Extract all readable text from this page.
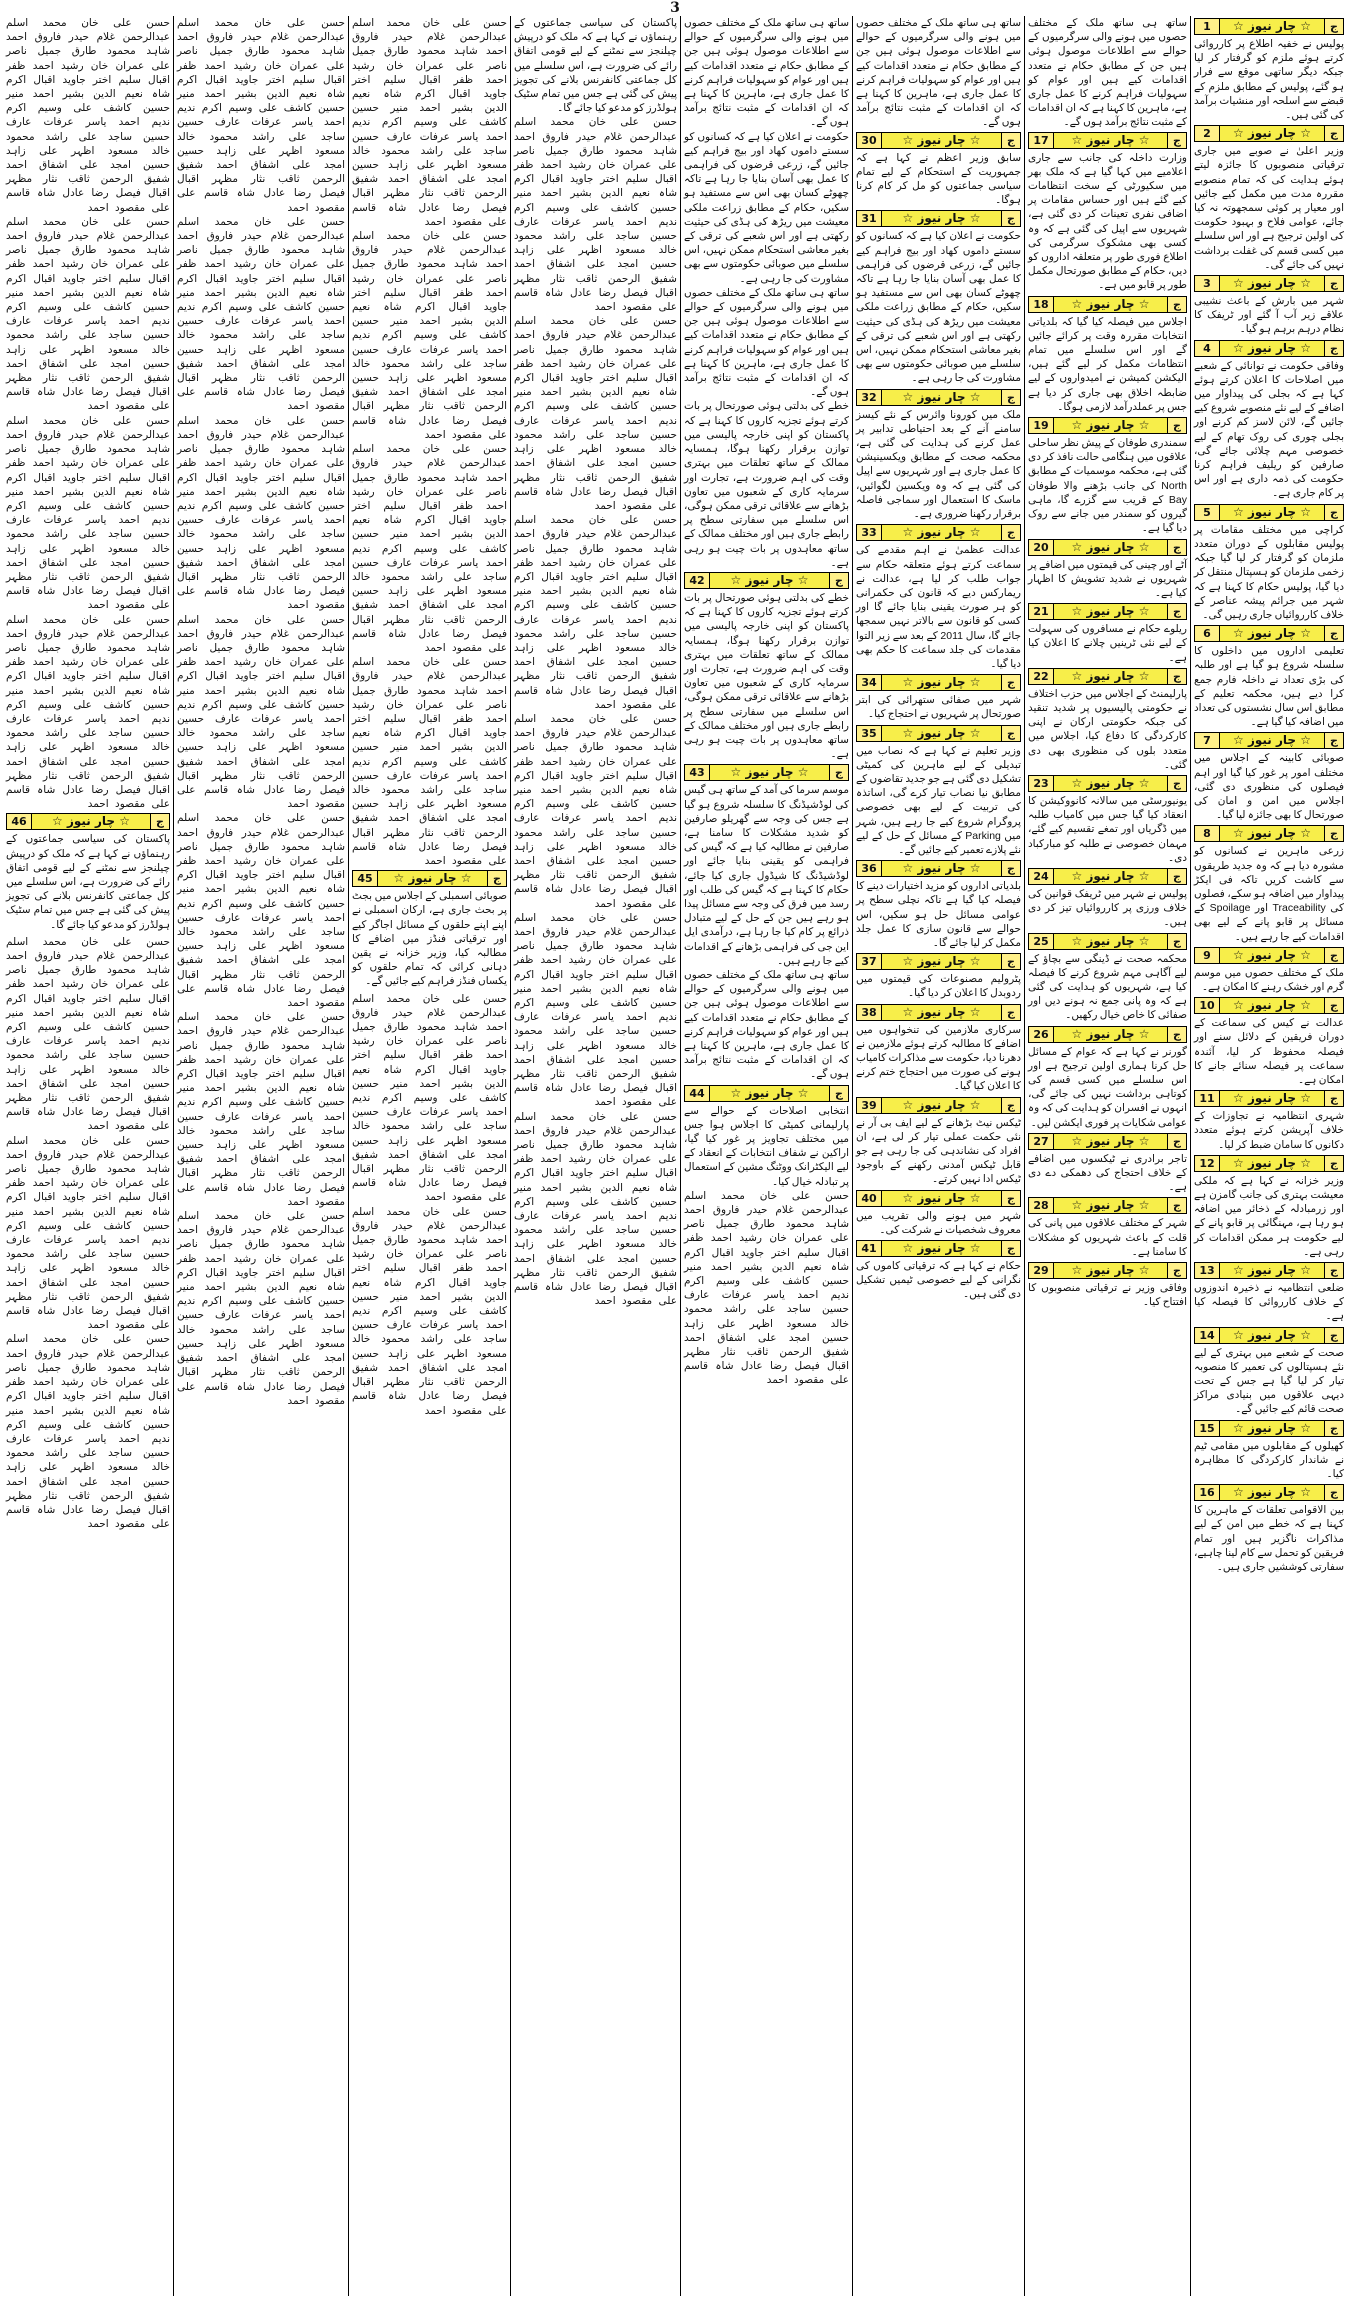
3
1	☆ چار نیوز ☆	ج
پولیس نے خفیہ اطلاع پر کارروائی کرتے ہوئے ملزم کو گرفتار کر لیا جبکہ دیگر ساتھی موقع سے فرار ہو گئے، پولیس کے مطابق ملزم کے قبضے سے اسلحہ اور منشیات برآمد کی گئی ہیں۔
2	☆ چار نیوز ☆	ج
وزیر اعلیٰ نے صوبے میں جاری ترقیاتی منصوبوں کا جائزہ لیتے ہوئے ہدایت کی کہ تمام منصوبے مقررہ مدت میں مکمل کیے جائیں اور معیار پر کوئی سمجھوتہ نہ کیا جائے، عوامی فلاح و بہبود حکومت کی اولین ترجیح ہے اور اس سلسلے میں کسی قسم کی غفلت برداشت نہیں کی جائے گی۔
3	☆ چار نیوز ☆	ج
شہر میں بارش کے باعث نشیبی علاقے زیر آب آ گئے اور ٹریفک کا نظام درہم برہم ہو گیا۔
4	☆ چار نیوز ☆	ج
وفاقی حکومت نے توانائی کے شعبے میں اصلاحات کا اعلان کرتے ہوئے کہا ہے کہ بجلی کی پیداوار میں اضافے کے لیے نئے منصوبے شروع کیے جائیں گے، لائن لاسز کم کرنے اور بجلی چوری کی روک تھام کے لیے خصوصی مہم چلائی جائے گی، صارفین کو ریلیف فراہم کرنا حکومت کی ذمہ داری ہے اور اس پر کام جاری ہے۔
5	☆ چار نیوز ☆	ج
کراچی میں مختلف مقامات پر پولیس مقابلوں کے دوران متعدد ملزمان کو گرفتار کر لیا گیا جبکہ زخمی ملزمان کو ہسپتال منتقل کر دیا گیا، پولیس حکام کا کہنا ہے کہ شہر میں جرائم پیشہ عناصر کے خلاف کارروائیاں جاری رہیں گی۔
6	☆ چار نیوز ☆	ج
تعلیمی اداروں میں داخلوں کا سلسلہ شروع ہو گیا ہے اور طلبہ کی بڑی تعداد نے داخلہ فارم جمع کرا دیے ہیں، محکمہ تعلیم کے مطابق اس سال نشستوں کی تعداد میں اضافہ کیا گیا ہے۔
7	☆ چار نیوز ☆	ج
صوبائی کابینہ کے اجلاس میں مختلف امور پر غور کیا گیا اور اہم فیصلوں کی منظوری دی گئی، اجلاس میں امن و امان کی صورتحال کا بھی جائزہ لیا گیا۔
8	☆ چار نیوز ☆	ج
زرعی ماہرین نے کسانوں کو مشورہ دیا ہے کہ وہ جدید طریقوں سے کاشت کریں تاکہ فی ایکڑ پیداوار میں اضافہ ہو سکے، فصلوں کی Traceability اور Spoilage کے مسائل پر قابو پانے کے لیے بھی اقدامات کیے جا رہے ہیں۔
9	☆ چار نیوز ☆	ج
ملک کے مختلف حصوں میں موسم گرم اور خشک رہنے کا امکان ہے۔
10	☆ چار نیوز ☆	ج
عدالت نے کیس کی سماعت کے دوران فریقین کے دلائل سنے اور فیصلہ محفوظ کر لیا، آئندہ سماعت پر فیصلہ سنائے جانے کا امکان ہے۔
11	☆ چار نیوز ☆	ج
شہری انتظامیہ نے تجاوزات کے خلاف آپریشن کرتے ہوئے متعدد دکانوں کا سامان ضبط کر لیا۔
12	☆ چار نیوز ☆	ج
وزیر خزانہ نے کہا ہے کہ ملکی معیشت بہتری کی جانب گامزن ہے اور زرمبادلہ کے ذخائر میں اضافہ ہو رہا ہے، مہنگائی پر قابو پانے کے لیے حکومت ہر ممکن اقدامات کر رہی ہے۔
13	☆ چار نیوز ☆	ج
ضلعی انتظامیہ نے ذخیرہ اندوزوں کے خلاف کارروائی کا فیصلہ کیا ہے۔
14	☆ چار نیوز ☆	ج
صحت کے شعبے میں بہتری کے لیے نئے ہسپتالوں کی تعمیر کا منصوبہ تیار کر لیا گیا ہے جس کے تحت دیہی علاقوں میں بنیادی مراکز صحت قائم کیے جائیں گے۔
15	☆ چار نیوز ☆	ج
کھیلوں کے مقابلوں میں مقامی ٹیم نے شاندار کارکردگی کا مظاہرہ کیا۔
16	☆ چار نیوز ☆	ج
بین الاقوامی تعلقات کے ماہرین کا کہنا ہے کہ خطے میں امن کے لیے مذاکرات ناگزیر ہیں اور تمام فریقین کو تحمل سے کام لینا چاہیے، سفارتی کوششیں جاری ہیں۔
ساتھ ہی ساتھ ملک کے مختلف حصوں میں ہونے والی سرگرمیوں کے حوالے سے اطلاعات موصول ہوئی ہیں جن کے مطابق حکام نے متعدد اقدامات کیے ہیں اور عوام کو سہولیات فراہم کرنے کا عمل جاری ہے، ماہرین کا کہنا ہے کہ ان اقدامات کے مثبت نتائج برآمد ہوں گے۔
17	☆ چار نیوز ☆	ج
وزارت داخلہ کی جانب سے جاری اعلامیے میں کہا گیا ہے کہ ملک بھر میں سکیورٹی کے سخت انتظامات کیے گئے ہیں اور حساس مقامات پر اضافی نفری تعینات کر دی گئی ہے، شہریوں سے اپیل کی گئی ہے کہ وہ کسی بھی مشکوک سرگرمی کی اطلاع فوری طور پر متعلقہ اداروں کو دیں، حکام کے مطابق صورتحال مکمل طور پر قابو میں ہے۔
18	☆ چار نیوز ☆	ج
اجلاس میں فیصلہ کیا گیا کہ بلدیاتی انتخابات مقررہ وقت پر کرائے جائیں گے اور اس سلسلے میں تمام انتظامات مکمل کر لیے گئے ہیں، الیکشن کمیشن نے امیدواروں کے لیے ضابطہ اخلاق بھی جاری کر دیا ہے جس پر عملدرآمد لازمی ہوگا۔
19	☆ چار نیوز ☆	ج
سمندری طوفان کے پیش نظر ساحلی علاقوں میں ہنگامی حالت نافذ کر دی گئی ہے، محکمہ موسمیات کے مطابق North کی جانب بڑھنے والا طوفان Bay کے قریب سے گزرے گا، ماہی گیروں کو سمندر میں جانے سے روک دیا گیا ہے۔
20	☆ چار نیوز ☆	ج
آٹے اور چینی کی قیمتوں میں اضافے پر شہریوں نے شدید تشویش کا اظہار کیا ہے۔
21	☆ چار نیوز ☆	ج
ریلوے حکام نے مسافروں کی سہولت کے لیے نئی ٹرینیں چلانے کا اعلان کیا ہے۔
22	☆ چار نیوز ☆	ج
پارلیمنٹ کے اجلاس میں حزب اختلاف نے حکومتی پالیسیوں پر شدید تنقید کی جبکہ حکومتی ارکان نے اپنی کارکردگی کا دفاع کیا، اجلاس میں متعدد بلوں کی منظوری بھی دی گئی۔
23	☆ چار نیوز ☆	ج
یونیورسٹی میں سالانہ کانووکیشن کا انعقاد کیا گیا جس میں کامیاب طلبہ میں ڈگریاں اور تمغے تقسیم کیے گئے، مہمان خصوصی نے طلبہ کو مبارکباد دی۔
24	☆ چار نیوز ☆	ج
پولیس نے شہر میں ٹریفک قوانین کی خلاف ورزی پر کارروائیاں تیز کر دی ہیں۔
25	☆ چار نیوز ☆	ج
محکمہ صحت نے ڈینگی سے بچاؤ کے لیے آگاہی مہم شروع کرنے کا فیصلہ کیا ہے، شہریوں کو ہدایت کی گئی ہے کہ وہ پانی جمع نہ ہونے دیں اور صفائی کا خاص خیال رکھیں۔
26	☆ چار نیوز ☆	ج
گورنر نے کہا ہے کہ عوام کے مسائل حل کرنا ہماری اولین ترجیح ہے اور اس سلسلے میں کسی قسم کی کوتاہی برداشت نہیں کی جائے گی، انہوں نے افسران کو ہدایت کی کہ وہ عوامی شکایات پر فوری ایکشن لیں۔
27	☆ چار نیوز ☆	ج
تاجر برادری نے ٹیکسوں میں اضافے کے خلاف احتجاج کی دھمکی دے دی ہے۔
28	☆ چار نیوز ☆	ج
شہر کے مختلف علاقوں میں پانی کی قلت کے باعث شہریوں کو مشکلات کا سامنا ہے۔
29	☆ چار نیوز ☆	ج
وفاقی وزیر نے ترقیاتی منصوبوں کا افتتاح کیا۔
ساتھ ہی ساتھ ملک کے مختلف حصوں میں ہونے والی سرگرمیوں کے حوالے سے اطلاعات موصول ہوئی ہیں جن کے مطابق حکام نے متعدد اقدامات کیے ہیں اور عوام کو سہولیات فراہم کرنے کا عمل جاری ہے، ماہرین کا کہنا ہے کہ ان اقدامات کے مثبت نتائج برآمد ہوں گے۔
30	☆ چار نیوز ☆	ج
سابق وزیر اعظم نے کہا ہے کہ جمہوریت کے استحکام کے لیے تمام سیاسی جماعتوں کو مل کر کام کرنا ہوگا۔
31	☆ چار نیوز ☆	ج
حکومت نے اعلان کیا ہے کہ کسانوں کو سستے داموں کھاد اور بیج فراہم کیے جائیں گے، زرعی قرضوں کی فراہمی کا عمل بھی آسان بنایا جا رہا ہے تاکہ چھوٹے کسان بھی اس سے مستفید ہو سکیں، حکام کے مطابق زراعت ملکی معیشت میں ریڑھ کی ہڈی کی حیثیت رکھتی ہے اور اس شعبے کی ترقی کے بغیر معاشی استحکام ممکن نہیں، اس سلسلے میں صوبائی حکومتوں سے بھی مشاورت کی جا رہی ہے۔
32	☆ چار نیوز ☆	ج
ملک میں کورونا وائرس کے نئے کیسز سامنے آنے کے بعد احتیاطی تدابیر پر عمل کرنے کی ہدایت کی گئی ہے، محکمہ صحت کے مطابق ویکسینیشن کا عمل جاری ہے اور شہریوں سے اپیل کی گئی ہے کہ وہ ویکسین لگوائیں، ماسک کا استعمال اور سماجی فاصلہ برقرار رکھنا ضروری ہے۔
33	☆ چار نیوز ☆	ج
عدالت عظمیٰ نے اہم مقدمے کی سماعت کرتے ہوئے متعلقہ حکام سے جواب طلب کر لیا ہے، عدالت نے ریمارکس دیے کہ قانون کی حکمرانی کو ہر صورت یقینی بنایا جائے گا اور کسی کو قانون سے بالاتر نہیں سمجھا جائے گا، سال 2011 کے بعد سے زیر التوا مقدمات کی جلد سماعت کا حکم بھی دیا گیا۔
34	☆ چار نیوز ☆	ج
شہر میں صفائی ستھرائی کی ابتر صورتحال پر شہریوں نے احتجاج کیا۔
35	☆ چار نیوز ☆	ج
وزیر تعلیم نے کہا ہے کہ نصاب میں تبدیلی کے لیے ماہرین کی کمیٹی تشکیل دی گئی ہے جو جدید تقاضوں کے مطابق نیا نصاب تیار کرے گی، اساتذہ کی تربیت کے لیے بھی خصوصی پروگرام شروع کیے جا رہے ہیں، شہر میں Parking کے مسائل کے حل کے لیے نئے پلازے تعمیر کیے جائیں گے۔
36	☆ چار نیوز ☆	ج
بلدیاتی اداروں کو مزید اختیارات دینے کا فیصلہ کیا گیا ہے تاکہ نچلی سطح پر عوامی مسائل حل ہو سکیں، اس حوالے سے قانون سازی کا عمل جلد مکمل کر لیا جائے گا۔
37	☆ چار نیوز ☆	ج
پٹرولیم مصنوعات کی قیمتوں میں ردوبدل کا اعلان کر دیا گیا۔
38	☆ چار نیوز ☆	ج
سرکاری ملازمین کی تنخواہوں میں اضافے کا مطالبہ کرتے ہوئے ملازمین نے دھرنا دیا، حکومت سے مذاکرات کامیاب ہونے کی صورت میں احتجاج ختم کرنے کا اعلان کیا گیا۔
39	☆ چار نیوز ☆	ج
ٹیکس نیٹ بڑھانے کے لیے ایف بی آر نے نئی حکمت عملی تیار کر لی ہے، ان افراد کی نشاندہی کی جا رہی ہے جو قابل ٹیکس آمدنی رکھنے کے باوجود ٹیکس ادا نہیں کرتے۔
40	☆ چار نیوز ☆	ج
شہر میں ہونے والی تقریب میں معروف شخصیات نے شرکت کی۔
41	☆ چار نیوز ☆	ج
حکام نے کہا ہے کہ ترقیاتی کاموں کی نگرانی کے لیے خصوصی ٹیمیں تشکیل دی گئی ہیں۔
ساتھ ہی ساتھ ملک کے مختلف حصوں میں ہونے والی سرگرمیوں کے حوالے سے اطلاعات موصول ہوئی ہیں جن کے مطابق حکام نے متعدد اقدامات کیے ہیں اور عوام کو سہولیات فراہم کرنے کا عمل جاری ہے، ماہرین کا کہنا ہے کہ ان اقدامات کے مثبت نتائج برآمد ہوں گے۔
حکومت نے اعلان کیا ہے کہ کسانوں کو سستے داموں کھاد اور بیج فراہم کیے جائیں گے، زرعی قرضوں کی فراہمی کا عمل بھی آسان بنایا جا رہا ہے تاکہ چھوٹے کسان بھی اس سے مستفید ہو سکیں، حکام کے مطابق زراعت ملکی معیشت میں ریڑھ کی ہڈی کی حیثیت رکھتی ہے اور اس شعبے کی ترقی کے بغیر معاشی استحکام ممکن نہیں، اس سلسلے میں صوبائی حکومتوں سے بھی مشاورت کی جا رہی ہے۔
ساتھ ہی ساتھ ملک کے مختلف حصوں میں ہونے والی سرگرمیوں کے حوالے سے اطلاعات موصول ہوئی ہیں جن کے مطابق حکام نے متعدد اقدامات کیے ہیں اور عوام کو سہولیات فراہم کرنے کا عمل جاری ہے، ماہرین کا کہنا ہے کہ ان اقدامات کے مثبت نتائج برآمد ہوں گے۔
خطے کی بدلتی ہوئی صورتحال پر بات کرتے ہوئے تجزیہ کاروں کا کہنا ہے کہ پاکستان کو اپنی خارجہ پالیسی میں توازن برقرار رکھنا ہوگا، ہمسایہ ممالک کے ساتھ تعلقات میں بہتری وقت کی اہم ضرورت ہے، تجارت اور سرمایہ کاری کے شعبوں میں تعاون بڑھانے سے علاقائی ترقی ممکن ہوگی، اس سلسلے میں سفارتی سطح پر رابطے جاری ہیں اور مختلف ممالک کے ساتھ معاہدوں پر بات چیت ہو رہی ہے۔
42	☆ چار نیوز ☆	ج
خطے کی بدلتی ہوئی صورتحال پر بات کرتے ہوئے تجزیہ کاروں کا کہنا ہے کہ پاکستان کو اپنی خارجہ پالیسی میں توازن برقرار رکھنا ہوگا، ہمسایہ ممالک کے ساتھ تعلقات میں بہتری وقت کی اہم ضرورت ہے، تجارت اور سرمایہ کاری کے شعبوں میں تعاون بڑھانے سے علاقائی ترقی ممکن ہوگی، اس سلسلے میں سفارتی سطح پر رابطے جاری ہیں اور مختلف ممالک کے ساتھ معاہدوں پر بات چیت ہو رہی ہے۔
43	☆ چار نیوز ☆	ج
موسم سرما کی آمد کے ساتھ ہی گیس کی لوڈشیڈنگ کا سلسلہ شروع ہو گیا ہے جس کی وجہ سے گھریلو صارفین کو شدید مشکلات کا سامنا ہے، صارفین نے مطالبہ کیا ہے کہ گیس کی فراہمی کو یقینی بنایا جائے اور لوڈشیڈنگ کا شیڈول جاری کیا جائے، حکام کا کہنا ہے کہ گیس کی طلب اور رسد میں فرق کی وجہ سے مسائل پیدا ہو رہے ہیں جن کے حل کے لیے متبادل ذرائع پر کام کیا جا رہا ہے، درآمدی ایل این جی کی فراہمی بڑھانے کے اقدامات کیے جا رہے ہیں۔
ساتھ ہی ساتھ ملک کے مختلف حصوں میں ہونے والی سرگرمیوں کے حوالے سے اطلاعات موصول ہوئی ہیں جن کے مطابق حکام نے متعدد اقدامات کیے ہیں اور عوام کو سہولیات فراہم کرنے کا عمل جاری ہے، ماہرین کا کہنا ہے کہ ان اقدامات کے مثبت نتائج برآمد ہوں گے۔
44	☆ چار نیوز ☆	ج
انتخابی اصلاحات کے حوالے سے پارلیمانی کمیٹی کا اجلاس ہوا جس میں مختلف تجاویز پر غور کیا گیا، اراکین نے شفاف انتخابات کے انعقاد کے لیے الیکٹرانک ووٹنگ مشین کے استعمال پر تبادلہ خیال کیا۔
حسن علی خان محمد اسلم عبدالرحمن غلام حیدر فاروق احمد شاہد محمود طارق جمیل ناصر علی عمران خان رشید احمد ظفر اقبال سلیم اختر جاوید اقبال اکرم شاہ نعیم الدین بشیر احمد منیر حسین کاشف علی وسیم اکرم ندیم احمد یاسر عرفات عارف حسین ساجد علی راشد محمود خالد مسعود اظہر علی زاہد حسین امجد علی اشفاق احمد شفیق الرحمن ثاقب نثار مظہر اقبال فیصل رضا عادل شاہ قاسم علی مقصود احمد
پاکستان کی سیاسی جماعتوں کے رہنماؤں نے کہا ہے کہ ملک کو درپیش چیلنجز سے نمٹنے کے لیے قومی اتفاق رائے کی ضرورت ہے، اس سلسلے میں کل جماعتی کانفرنس بلانے کی تجویز پیش کی گئی ہے جس میں تمام سٹیک ہولڈرز کو مدعو کیا جائے گا۔
حسن علی خان محمد اسلم عبدالرحمن غلام حیدر فاروق احمد شاہد محمود طارق جمیل ناصر علی عمران خان رشید احمد ظفر اقبال سلیم اختر جاوید اقبال اکرم شاہ نعیم الدین بشیر احمد منیر حسین کاشف علی وسیم اکرم ندیم احمد یاسر عرفات عارف حسین ساجد علی راشد محمود خالد مسعود اظہر علی زاہد حسین امجد علی اشفاق احمد شفیق الرحمن ثاقب نثار مظہر اقبال فیصل رضا عادل شاہ قاسم علی مقصود احمد
حسن علی خان محمد اسلم عبدالرحمن غلام حیدر فاروق احمد شاہد محمود طارق جمیل ناصر علی عمران خان رشید احمد ظفر اقبال سلیم اختر جاوید اقبال اکرم شاہ نعیم الدین بشیر احمد منیر حسین کاشف علی وسیم اکرم ندیم احمد یاسر عرفات عارف حسین ساجد علی راشد محمود خالد مسعود اظہر علی زاہد حسین امجد علی اشفاق احمد شفیق الرحمن ثاقب نثار مظہر اقبال فیصل رضا عادل شاہ قاسم علی مقصود احمد
حسن علی خان محمد اسلم عبدالرحمن غلام حیدر فاروق احمد شاہد محمود طارق جمیل ناصر علی عمران خان رشید احمد ظفر اقبال سلیم اختر جاوید اقبال اکرم شاہ نعیم الدین بشیر احمد منیر حسین کاشف علی وسیم اکرم ندیم احمد یاسر عرفات عارف حسین ساجد علی راشد محمود خالد مسعود اظہر علی زاہد حسین امجد علی اشفاق احمد شفیق الرحمن ثاقب نثار مظہر اقبال فیصل رضا عادل شاہ قاسم علی مقصود احمد
حسن علی خان محمد اسلم عبدالرحمن غلام حیدر فاروق احمد شاہد محمود طارق جمیل ناصر علی عمران خان رشید احمد ظفر اقبال سلیم اختر جاوید اقبال اکرم شاہ نعیم الدین بشیر احمد منیر حسین کاشف علی وسیم اکرم ندیم احمد یاسر عرفات عارف حسین ساجد علی راشد محمود خالد مسعود اظہر علی زاہد حسین امجد علی اشفاق احمد شفیق الرحمن ثاقب نثار مظہر اقبال فیصل رضا عادل شاہ قاسم علی مقصود احمد
حسن علی خان محمد اسلم عبدالرحمن غلام حیدر فاروق احمد شاہد محمود طارق جمیل ناصر علی عمران خان رشید احمد ظفر اقبال سلیم اختر جاوید اقبال اکرم شاہ نعیم الدین بشیر احمد منیر حسین کاشف علی وسیم اکرم ندیم احمد یاسر عرفات عارف حسین ساجد علی راشد محمود خالد مسعود اظہر علی زاہد حسین امجد علی اشفاق احمد شفیق الرحمن ثاقب نثار مظہر اقبال فیصل رضا عادل شاہ قاسم علی مقصود احمد
حسن علی خان محمد اسلم عبدالرحمن غلام حیدر فاروق احمد شاہد محمود طارق جمیل ناصر علی عمران خان رشید احمد ظفر اقبال سلیم اختر جاوید اقبال اکرم شاہ نعیم الدین بشیر احمد منیر حسین کاشف علی وسیم اکرم ندیم احمد یاسر عرفات عارف حسین ساجد علی راشد محمود خالد مسعود اظہر علی زاہد حسین امجد علی اشفاق احمد شفیق الرحمن ثاقب نثار مظہر اقبال فیصل رضا عادل شاہ قاسم علی مقصود احمد
حسن علی خان محمد اسلم عبدالرحمن غلام حیدر فاروق احمد شاہد محمود طارق جمیل ناصر علی عمران خان رشید احمد ظفر اقبال سلیم اختر جاوید اقبال اکرم شاہ نعیم الدین بشیر احمد منیر حسین کاشف علی وسیم اکرم ندیم احمد یاسر عرفات عارف حسین ساجد علی راشد محمود خالد مسعود اظہر علی زاہد حسین امجد علی اشفاق احمد شفیق الرحمن ثاقب نثار مظہر اقبال فیصل رضا عادل شاہ قاسم علی مقصود احمد
حسن علی خان محمد اسلم عبدالرحمن غلام حیدر فاروق احمد شاہد محمود طارق جمیل ناصر علی عمران خان رشید احمد ظفر اقبال سلیم اختر جاوید اقبال اکرم شاہ نعیم الدین بشیر احمد منیر حسین کاشف علی وسیم اکرم ندیم احمد یاسر عرفات عارف حسین ساجد علی راشد محمود خالد مسعود اظہر علی زاہد حسین امجد علی اشفاق احمد شفیق الرحمن ثاقب نثار مظہر اقبال فیصل رضا عادل شاہ قاسم علی مقصود احمد
حسن علی خان محمد اسلم عبدالرحمن غلام حیدر فاروق احمد شاہد محمود طارق جمیل ناصر علی عمران خان رشید احمد ظفر اقبال سلیم اختر جاوید اقبال اکرم شاہ نعیم الدین بشیر احمد منیر حسین کاشف علی وسیم اکرم ندیم احمد یاسر عرفات عارف حسین ساجد علی راشد محمود خالد مسعود اظہر علی زاہد حسین امجد علی اشفاق احمد شفیق الرحمن ثاقب نثار مظہر اقبال فیصل رضا عادل شاہ قاسم علی مقصود احمد
حسن علی خان محمد اسلم عبدالرحمن غلام حیدر فاروق احمد شاہد محمود طارق جمیل ناصر علی عمران خان رشید احمد ظفر اقبال سلیم اختر جاوید اقبال اکرم شاہ نعیم الدین بشیر احمد منیر حسین کاشف علی وسیم اکرم ندیم احمد یاسر عرفات عارف حسین ساجد علی راشد محمود خالد مسعود اظہر علی زاہد حسین امجد علی اشفاق احمد شفیق الرحمن ثاقب نثار مظہر اقبال فیصل رضا عادل شاہ قاسم علی مقصود احمد
45	☆ چار نیوز ☆	ج
صوبائی اسمبلی کے اجلاس میں بجٹ پر بحث جاری ہے، ارکان اسمبلی نے اپنے اپنے حلقوں کے مسائل اجاگر کیے اور ترقیاتی فنڈز میں اضافے کا مطالبہ کیا، وزیر خزانہ نے یقین دہانی کرائی کہ تمام حلقوں کو یکساں فنڈز فراہم کیے جائیں گے۔
حسن علی خان محمد اسلم عبدالرحمن غلام حیدر فاروق احمد شاہد محمود طارق جمیل ناصر علی عمران خان رشید احمد ظفر اقبال سلیم اختر جاوید اقبال اکرم شاہ نعیم الدین بشیر احمد منیر حسین کاشف علی وسیم اکرم ندیم احمد یاسر عرفات عارف حسین ساجد علی راشد محمود خالد مسعود اظہر علی زاہد حسین امجد علی اشفاق احمد شفیق الرحمن ثاقب نثار مظہر اقبال فیصل رضا عادل شاہ قاسم علی مقصود احمد
حسن علی خان محمد اسلم عبدالرحمن غلام حیدر فاروق احمد شاہد محمود طارق جمیل ناصر علی عمران خان رشید احمد ظفر اقبال سلیم اختر جاوید اقبال اکرم شاہ نعیم الدین بشیر احمد منیر حسین کاشف علی وسیم اکرم ندیم احمد یاسر عرفات عارف حسین ساجد علی راشد محمود خالد مسعود اظہر علی زاہد حسین امجد علی اشفاق احمد شفیق الرحمن ثاقب نثار مظہر اقبال فیصل رضا عادل شاہ قاسم علی مقصود احمد
حسن علی خان محمد اسلم عبدالرحمن غلام حیدر فاروق احمد شاہد محمود طارق جمیل ناصر علی عمران خان رشید احمد ظفر اقبال سلیم اختر جاوید اقبال اکرم شاہ نعیم الدین بشیر احمد منیر حسین کاشف علی وسیم اکرم ندیم احمد یاسر عرفات عارف حسین ساجد علی راشد محمود خالد مسعود اظہر علی زاہد حسین امجد علی اشفاق احمد شفیق الرحمن ثاقب نثار مظہر اقبال فیصل رضا عادل شاہ قاسم علی مقصود احمد
حسن علی خان محمد اسلم عبدالرحمن غلام حیدر فاروق احمد شاہد محمود طارق جمیل ناصر علی عمران خان رشید احمد ظفر اقبال سلیم اختر جاوید اقبال اکرم شاہ نعیم الدین بشیر احمد منیر حسین کاشف علی وسیم اکرم ندیم احمد یاسر عرفات عارف حسین ساجد علی راشد محمود خالد مسعود اظہر علی زاہد حسین امجد علی اشفاق احمد شفیق الرحمن ثاقب نثار مظہر اقبال فیصل رضا عادل شاہ قاسم علی مقصود احمد
حسن علی خان محمد اسلم عبدالرحمن غلام حیدر فاروق احمد شاہد محمود طارق جمیل ناصر علی عمران خان رشید احمد ظفر اقبال سلیم اختر جاوید اقبال اکرم شاہ نعیم الدین بشیر احمد منیر حسین کاشف علی وسیم اکرم ندیم احمد یاسر عرفات عارف حسین ساجد علی راشد محمود خالد مسعود اظہر علی زاہد حسین امجد علی اشفاق احمد شفیق الرحمن ثاقب نثار مظہر اقبال فیصل رضا عادل شاہ قاسم علی مقصود احمد
حسن علی خان محمد اسلم عبدالرحمن غلام حیدر فاروق احمد شاہد محمود طارق جمیل ناصر علی عمران خان رشید احمد ظفر اقبال سلیم اختر جاوید اقبال اکرم شاہ نعیم الدین بشیر احمد منیر حسین کاشف علی وسیم اکرم ندیم احمد یاسر عرفات عارف حسین ساجد علی راشد محمود خالد مسعود اظہر علی زاہد حسین امجد علی اشفاق احمد شفیق الرحمن ثاقب نثار مظہر اقبال فیصل رضا عادل شاہ قاسم علی مقصود احمد
حسن علی خان محمد اسلم عبدالرحمن غلام حیدر فاروق احمد شاہد محمود طارق جمیل ناصر علی عمران خان رشید احمد ظفر اقبال سلیم اختر جاوید اقبال اکرم شاہ نعیم الدین بشیر احمد منیر حسین کاشف علی وسیم اکرم ندیم احمد یاسر عرفات عارف حسین ساجد علی راشد محمود خالد مسعود اظہر علی زاہد حسین امجد علی اشفاق احمد شفیق الرحمن ثاقب نثار مظہر اقبال فیصل رضا عادل شاہ قاسم علی مقصود احمد
حسن علی خان محمد اسلم عبدالرحمن غلام حیدر فاروق احمد شاہد محمود طارق جمیل ناصر علی عمران خان رشید احمد ظفر اقبال سلیم اختر جاوید اقبال اکرم شاہ نعیم الدین بشیر احمد منیر حسین کاشف علی وسیم اکرم ندیم احمد یاسر عرفات عارف حسین ساجد علی راشد محمود خالد مسعود اظہر علی زاہد حسین امجد علی اشفاق احمد شفیق الرحمن ثاقب نثار مظہر اقبال فیصل رضا عادل شاہ قاسم علی مقصود احمد
حسن علی خان محمد اسلم عبدالرحمن غلام حیدر فاروق احمد شاہد محمود طارق جمیل ناصر علی عمران خان رشید احمد ظفر اقبال سلیم اختر جاوید اقبال اکرم شاہ نعیم الدین بشیر احمد منیر حسین کاشف علی وسیم اکرم ندیم احمد یاسر عرفات عارف حسین ساجد علی راشد محمود خالد مسعود اظہر علی زاہد حسین امجد علی اشفاق احمد شفیق الرحمن ثاقب نثار مظہر اقبال فیصل رضا عادل شاہ قاسم علی مقصود احمد
حسن علی خان محمد اسلم عبدالرحمن غلام حیدر فاروق احمد شاہد محمود طارق جمیل ناصر علی عمران خان رشید احمد ظفر اقبال سلیم اختر جاوید اقبال اکرم شاہ نعیم الدین بشیر احمد منیر حسین کاشف علی وسیم اکرم ندیم احمد یاسر عرفات عارف حسین ساجد علی راشد محمود خالد مسعود اظہر علی زاہد حسین امجد علی اشفاق احمد شفیق الرحمن ثاقب نثار مظہر اقبال فیصل رضا عادل شاہ قاسم علی مقصود احمد
حسن علی خان محمد اسلم عبدالرحمن غلام حیدر فاروق احمد شاہد محمود طارق جمیل ناصر علی عمران خان رشید احمد ظفر اقبال سلیم اختر جاوید اقبال اکرم شاہ نعیم الدین بشیر احمد منیر حسین کاشف علی وسیم اکرم ندیم احمد یاسر عرفات عارف حسین ساجد علی راشد محمود خالد مسعود اظہر علی زاہد حسین امجد علی اشفاق احمد شفیق الرحمن ثاقب نثار مظہر اقبال فیصل رضا عادل شاہ قاسم علی مقصود احمد
حسن علی خان محمد اسلم عبدالرحمن غلام حیدر فاروق احمد شاہد محمود طارق جمیل ناصر علی عمران خان رشید احمد ظفر اقبال سلیم اختر جاوید اقبال اکرم شاہ نعیم الدین بشیر احمد منیر حسین کاشف علی وسیم اکرم ندیم احمد یاسر عرفات عارف حسین ساجد علی راشد محمود خالد مسعود اظہر علی زاہد حسین امجد علی اشفاق احمد شفیق الرحمن ثاقب نثار مظہر اقبال فیصل رضا عادل شاہ قاسم علی مقصود احمد
حسن علی خان محمد اسلم عبدالرحمن غلام حیدر فاروق احمد شاہد محمود طارق جمیل ناصر علی عمران خان رشید احمد ظفر اقبال سلیم اختر جاوید اقبال اکرم شاہ نعیم الدین بشیر احمد منیر حسین کاشف علی وسیم اکرم ندیم احمد یاسر عرفات عارف حسین ساجد علی راشد محمود خالد مسعود اظہر علی زاہد حسین امجد علی اشفاق احمد شفیق الرحمن ثاقب نثار مظہر اقبال فیصل رضا عادل شاہ قاسم علی مقصود احمد
46	☆ چار نیوز ☆	ج
پاکستان کی سیاسی جماعتوں کے رہنماؤں نے کہا ہے کہ ملک کو درپیش چیلنجز سے نمٹنے کے لیے قومی اتفاق رائے کی ضرورت ہے، اس سلسلے میں کل جماعتی کانفرنس بلانے کی تجویز پیش کی گئی ہے جس میں تمام سٹیک ہولڈرز کو مدعو کیا جائے گا۔
حسن علی خان محمد اسلم عبدالرحمن غلام حیدر فاروق احمد شاہد محمود طارق جمیل ناصر علی عمران خان رشید احمد ظفر اقبال سلیم اختر جاوید اقبال اکرم شاہ نعیم الدین بشیر احمد منیر حسین کاشف علی وسیم اکرم ندیم احمد یاسر عرفات عارف حسین ساجد علی راشد محمود خالد مسعود اظہر علی زاہد حسین امجد علی اشفاق احمد شفیق الرحمن ثاقب نثار مظہر اقبال فیصل رضا عادل شاہ قاسم علی مقصود احمد
حسن علی خان محمد اسلم عبدالرحمن غلام حیدر فاروق احمد شاہد محمود طارق جمیل ناصر علی عمران خان رشید احمد ظفر اقبال سلیم اختر جاوید اقبال اکرم شاہ نعیم الدین بشیر احمد منیر حسین کاشف علی وسیم اکرم ندیم احمد یاسر عرفات عارف حسین ساجد علی راشد محمود خالد مسعود اظہر علی زاہد حسین امجد علی اشفاق احمد شفیق الرحمن ثاقب نثار مظہر اقبال فیصل رضا عادل شاہ قاسم علی مقصود احمد
حسن علی خان محمد اسلم عبدالرحمن غلام حیدر فاروق احمد شاہد محمود طارق جمیل ناصر علی عمران خان رشید احمد ظفر اقبال سلیم اختر جاوید اقبال اکرم شاہ نعیم الدین بشیر احمد منیر حسین کاشف علی وسیم اکرم ندیم احمد یاسر عرفات عارف حسین ساجد علی راشد محمود خالد مسعود اظہر علی زاہد حسین امجد علی اشفاق احمد شفیق الرحمن ثاقب نثار مظہر اقبال فیصل رضا عادل شاہ قاسم علی مقصود احمد
